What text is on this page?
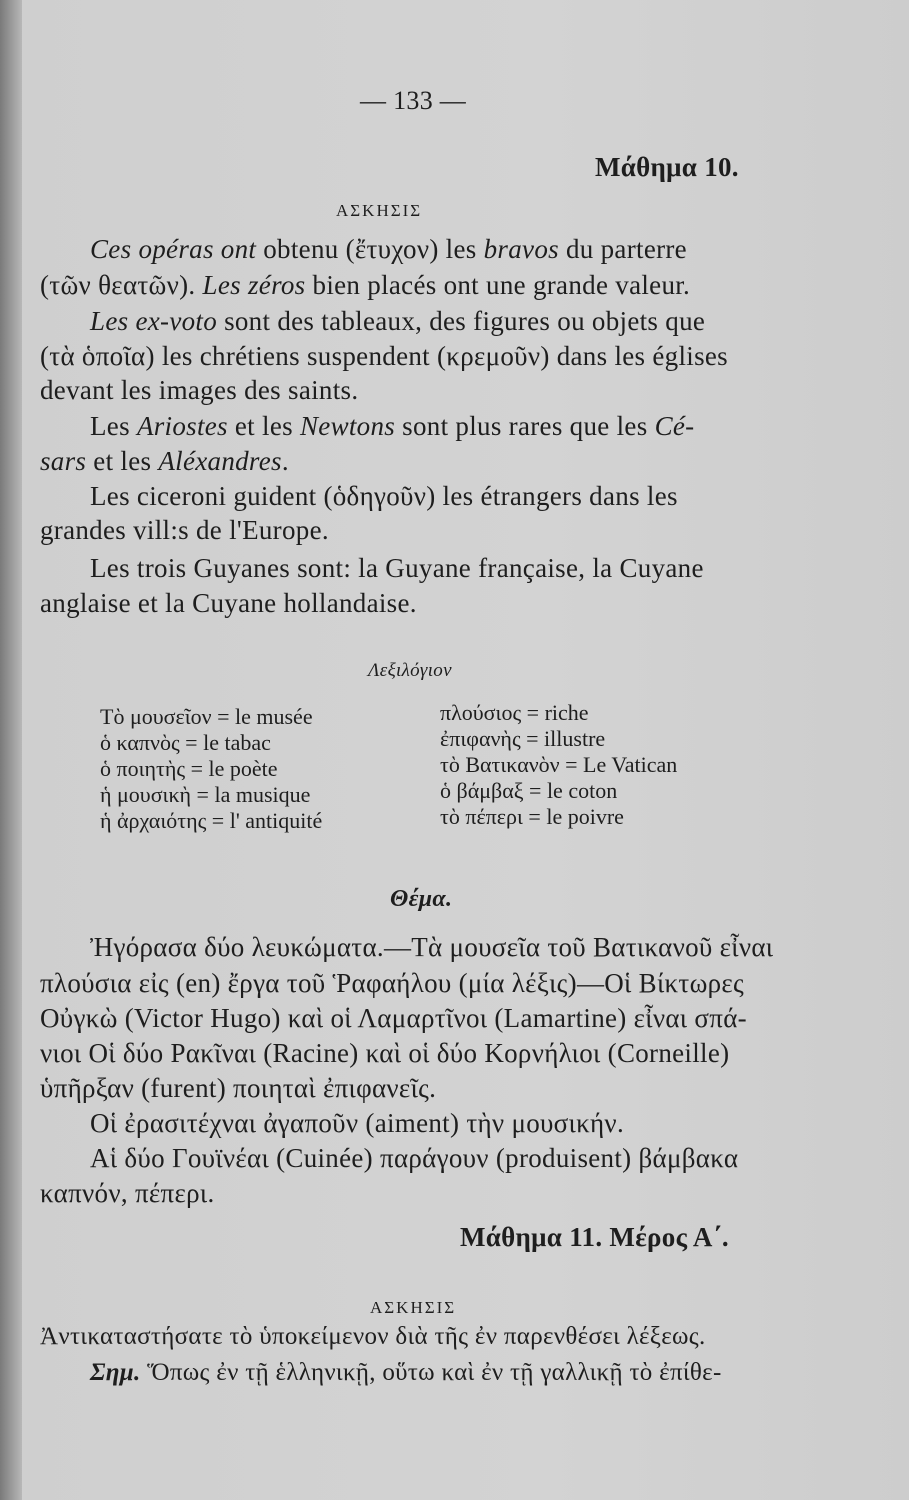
— 133 —
Μάθημα 10.
ΑΣΚΗΣΙΣ
Ces opéras ont obtenu (ἔτυχον) les bravos du parterre
(τῶν θεατῶν). Les zéros bien placés ont une grande valeur.
Les ex-voto sont des tableaux, des figures ou objets que
(τὰ ὁποῖα) les chrétiens suspendent (κρεμοῦν) dans les églises
devant les images des saints.
Les Ariostes et les Newtons sont plus rares que les Cé-
sars et les Aléxandres.
Les ciceroni guident (ὁδηγοῦν) les étrangers dans les
grandes vill:s de l'Europe.
Les trois Guyanes sont: la Guyane française, la Cuyane
anglaise et la Cuyane hollandaise.
Λεξιλόγιον
Τὸ μουσεῖον = le musée
ὁ καπνὸς = le tabac
ὁ ποιητὴς = le poète
ἡ μουσικὴ = la musique
ἡ ἀρχαιότης = l' antiquité
πλούσιος = riche
ἐπιφανὴς = illustre
τὸ Βατικανὸν = Le Vatican
ὁ βάμβαξ = le coton
τὸ πέπερι = le poivre
Θέμα.
Ἠγόρασα δύο λευκώματα.—Τὰ μουσεῖα τοῦ Βατικανοῦ εἶναι
πλούσια εἰς (en) ἔργα τοῦ Ῥαφαήλου (μία λέξις)—Οἱ Βίκτωρες
Οὐγκὼ (Victor Hugo) καὶ οἱ Λαμαρτῖνοι (Lamartine) εἶναι σπά-
νιοι Οἱ δύο Ρακῖναι (Racine) καὶ οἱ δύο Κορνήλιοι (Corneille)
ὑπῆρξαν (furent) ποιηταὶ ἐπιφανεῖς.
Οἱ ἐρασιτέχναι ἀγαποῦν (aiment) τὴν μουσικήν.
Αἱ δύο Γουϊνέαι (Cuinée) παράγουν (produisent) βάμβακα
καπνόν, πέπερι.
Μάθημα 11. Μέρος Α΄.
ΑΣΚΗΣΙΣ
Ἀντικαταστήσατε τὸ ὑποκείμενον διὰ τῆς ἐν παρενθέσει λέξεως.
Σημ. Ὅπως ἐν τῇ ἑλληνικῇ, οὕτω καὶ ἐν τῇ γαλλικῇ τὸ ἐπίθε-
